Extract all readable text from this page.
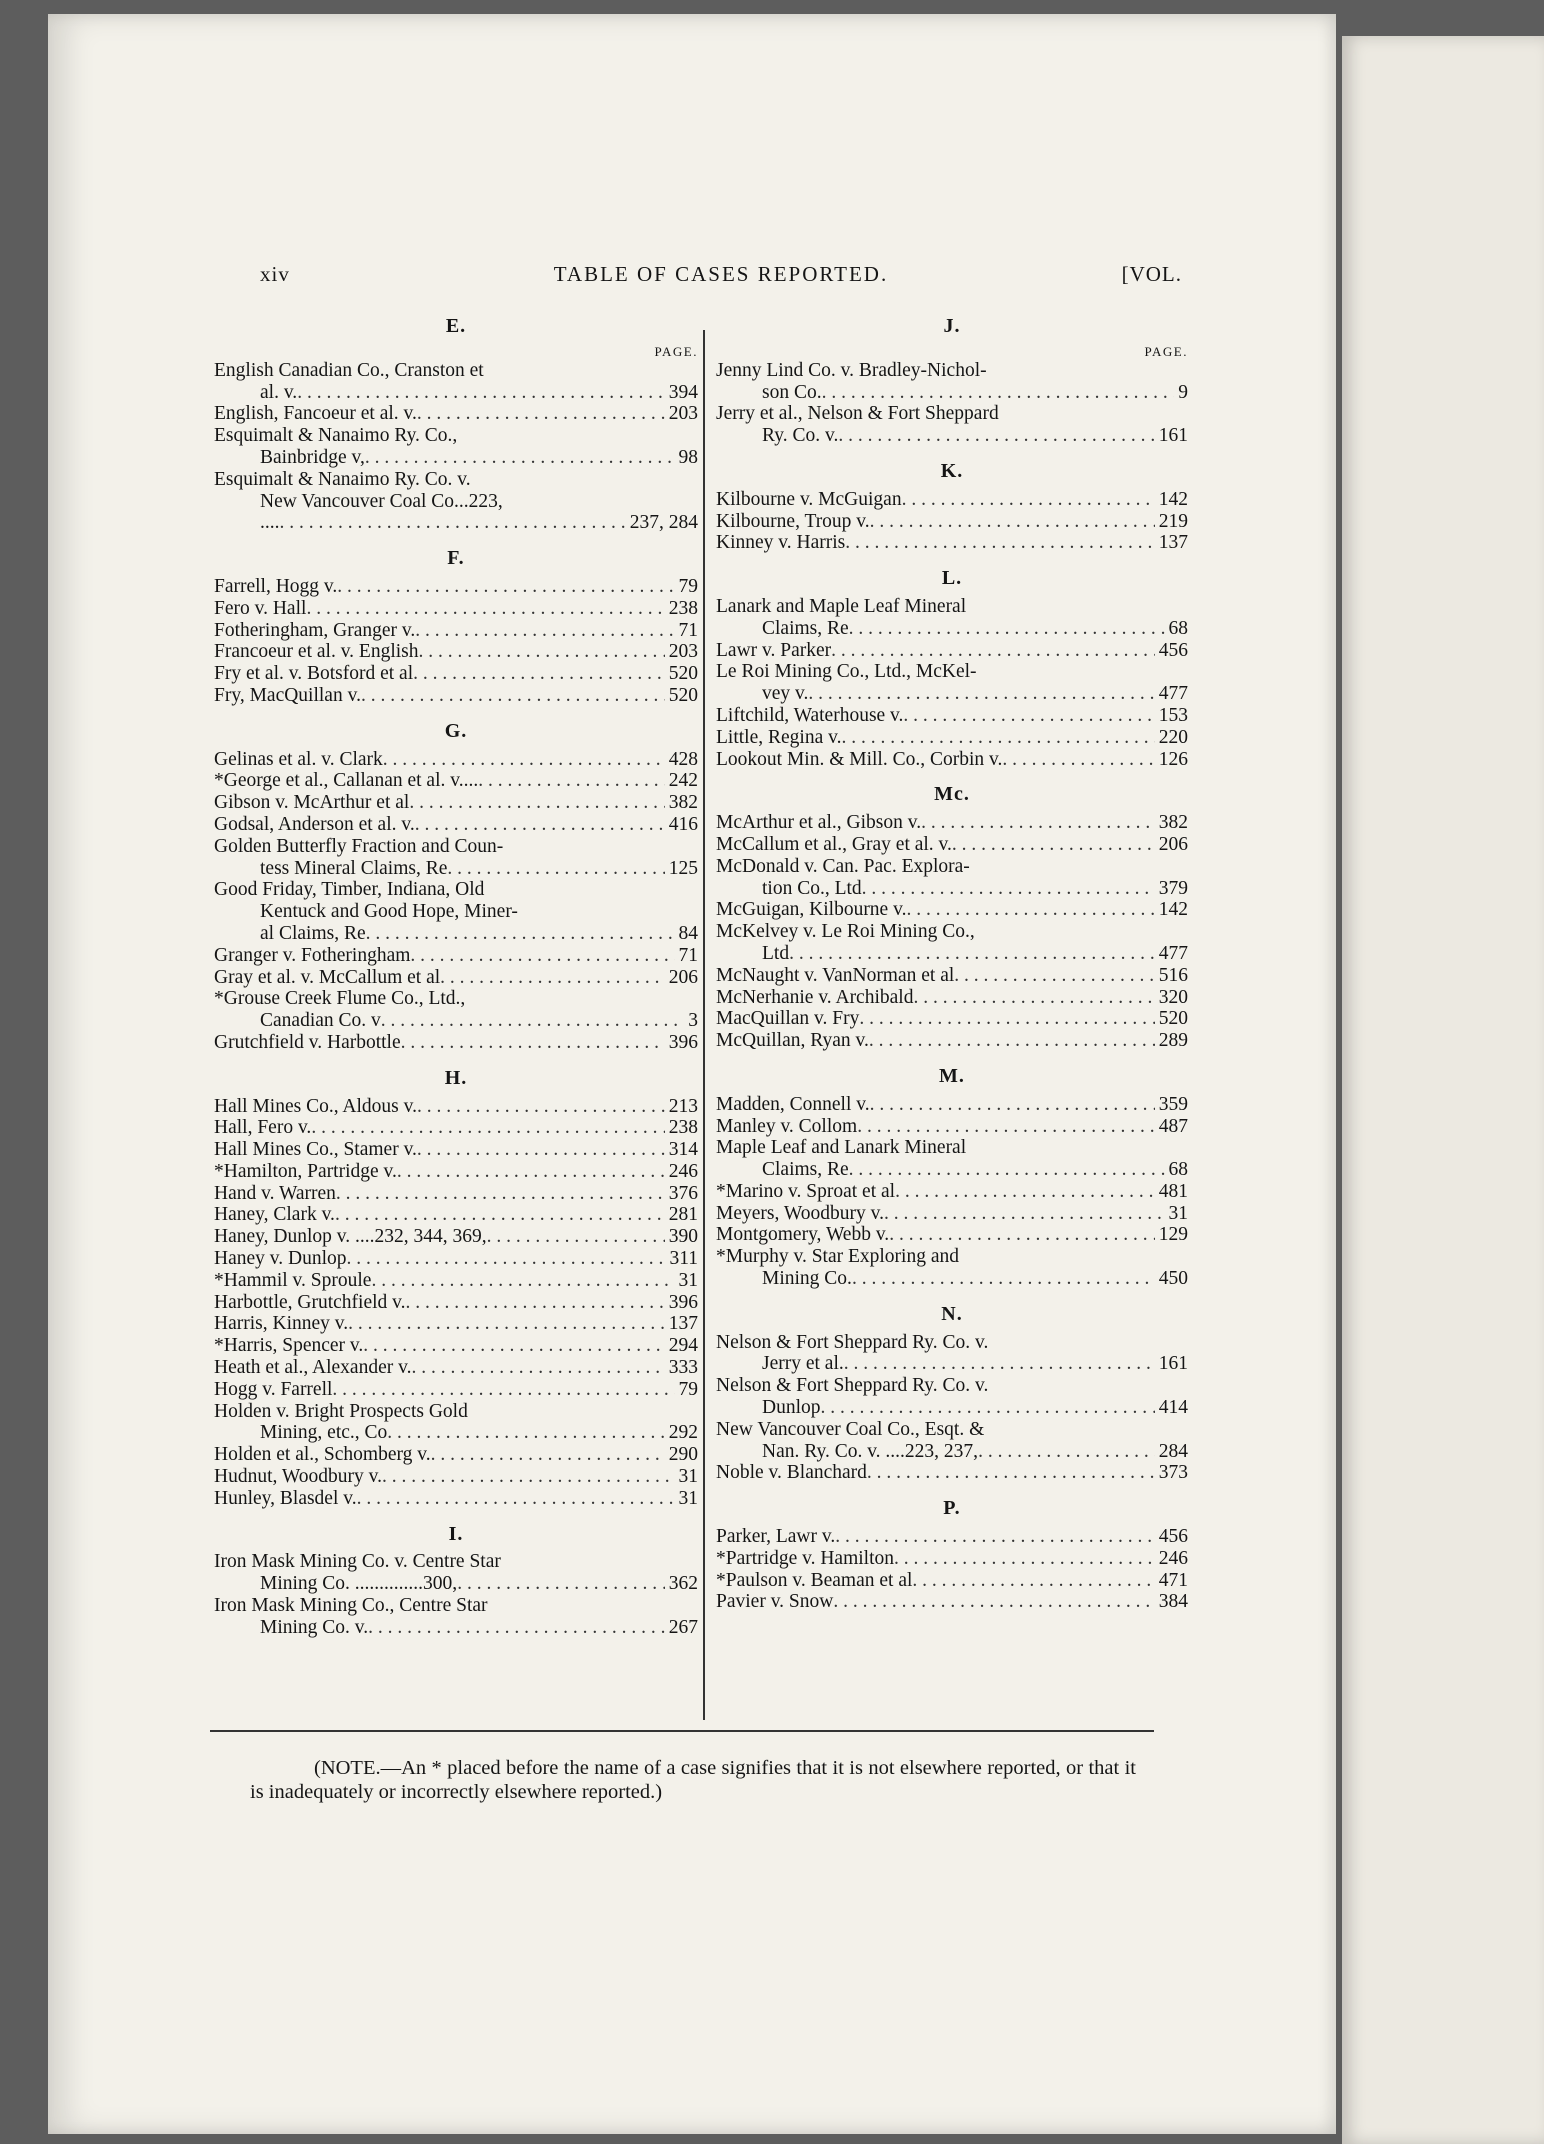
xiv	TABLE OF CASES REPORTED.	[VOL.
E.
PAGE.
English Canadian Co., Cranston et
al. v. . . .	394
English, Fancoeur et al. v. . . .	203
Esquimalt & Nanaimo Ry. Co.,
Bainbridge v, . . .	98
Esquimalt & Nanaimo Ry. Co. v.
New Vancouver Coal Co...223,
.... . . .	237, 284
F.
Farrell, Hogg v. . . .	79
Fero v. Hall . . .	238
Fotheringham, Granger v. . . .	71
Francoeur et al. v. English . . .	203
Fry et al. v. Botsford et al . . .	520
Fry, MacQuillan v. . . .	520
G.
Gelinas et al. v. Clark . . .	428
*George et al., Callanan et al. v.... . . .	242
Gibson v. McArthur et al . . .	382
Godsal, Anderson et al. v. . . .	416
Golden Butterfly Fraction and Coun-
tess Mineral Claims, Re . . .	125
Good Friday, Timber, Indiana, Old
Kentuck and Good Hope, Miner-
al Claims, Re . . .	84
Granger v. Fotheringham . . .	71
Gray et al. v. McCallum et al . . .	206
*Grouse Creek Flume Co., Ltd.,
Canadian Co. v . . .	3
Grutchfield v. Harbottle . . .	396
H.
Hall Mines Co., Aldous v. . . .	213
Hall, Fero v. . . .	238
Hall Mines Co., Stamer v. . . .	314
*Hamilton, Partridge v. . . .	246
Hand v. Warren . . .	376
Haney, Clark v. . . .	281
Haney, Dunlop v. ....232, 344, 369, . . .	390
Haney v. Dunlop . . .	311
*Hammil v. Sproule . . .	31
Harbottle, Grutchfield v. . . .	396
Harris, Kinney v. . . .	137
*Harris, Spencer v. . . .	294
Heath et al., Alexander v. . . .	333
Hogg v. Farrell . . .	79
Holden v. Bright Prospects Gold
Mining, etc., Co . . .	292
Holden et al., Schomberg v. . . .	290
Hudnut, Woodbury v. . . .	31
Hunley, Blasdel v. . . .	31
I.
Iron Mask Mining Co. v. Centre Star
Mining Co. ..............300, . . .	362
Iron Mask Mining Co., Centre Star
Mining Co. v. . . .	267
J.
PAGE.
Jenny Lind Co. v. Bradley-Nichol-
son Co. . . .	9
Jerry et al., Nelson & Fort Sheppard
Ry. Co. v. . . .	161
K.
Kilbourne v. McGuigan . . .	142
Kilbourne, Troup v. . . .	219
Kinney v. Harris . . .	137
L.
Lanark and Maple Leaf Mineral
Claims, Re . . .	68
Lawr v. Parker . . .	456
Le Roi Mining Co., Ltd., McKel-
vey v. . . .	477
Liftchild, Waterhouse v. . . .	153
Little, Regina v. . . .	220
Lookout Min. & Mill. Co., Corbin v. . . .	126
Mc.
McArthur et al., Gibson v. . . .	382
McCallum et al., Gray et al. v. . . .	206
McDonald v. Can. Pac. Explora-
tion Co., Ltd . . .	379
McGuigan, Kilbourne v. . . .	142
McKelvey v. Le Roi Mining Co.,
Ltd . . .	477
McNaught v. VanNorman et al . . .	516
McNerhanie v. Archibald . . .	320
MacQuillan v. Fry . . .	520
McQuillan, Ryan v. . . .	289
M.
Madden, Connell v. . . .	359
Manley v. Collom . . .	487
Maple Leaf and Lanark Mineral
Claims, Re . . .	68
*Marino v. Sproat et al . . .	481
Meyers, Woodbury v. . . .	31
Montgomery, Webb v. . . .	129
*Murphy v. Star Exploring and
Mining Co. . . .	450
N.
Nelson & Fort Sheppard Ry. Co. v.
Jerry et al. . . .	161
Nelson & Fort Sheppard Ry. Co. v.
Dunlop . . .	414
New Vancouver Coal Co., Esqt. &
Nan. Ry. Co. v. ....223, 237, . . .	284
Noble v. Blanchard . . .	373
P.
Parker, Lawr v. . . .	456
*Partridge v. Hamilton . . .	246
*Paulson v. Beaman et al . . .	471
Pavier v. Snow . . .	384
(NOTE.—An * placed before the name of a case signifies that it is not elsewhere reported, or that it is inadequately or incorrectly elsewhere reported.)
